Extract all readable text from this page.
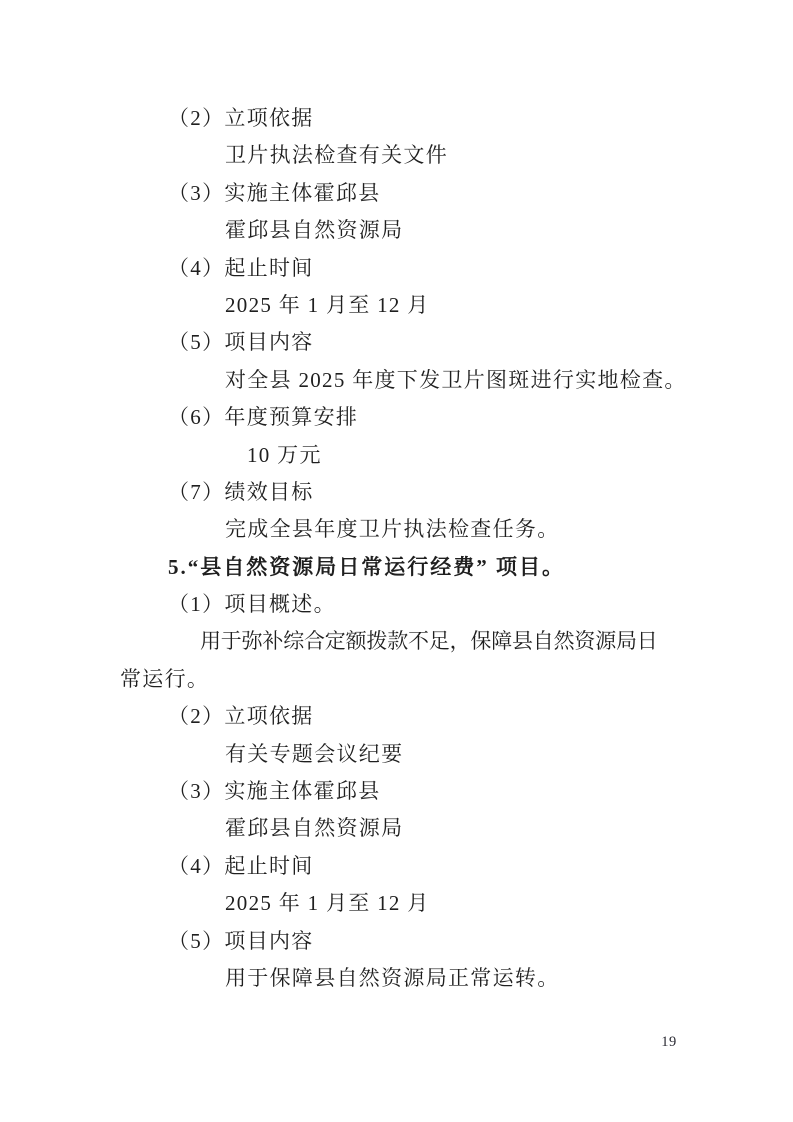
（2）立项依据
卫片执法检查有关文件
（3）实施主体霍邱县
霍邱县自然资源局
（4）起止时间
2025 年 1 月至 12 月
（5）项目内容
对全县 2025 年度下发卫片图斑进行实地检查。
（6）年度预算安排
10 万元
（7）绩效目标
完成全县年度卫片执法检查任务。
5.“县自然资源局日常运行经费” 项目。
（1）项目概述。
用于弥补综合定额拨款不足，保障县自然资源局日
常运行。
（2）立项依据
有关专题会议纪要
（3）实施主体霍邱县
霍邱县自然资源局
（4）起止时间
2025 年 1 月至 12 月
（5）项目内容
用于保障县自然资源局正常运转。
19
